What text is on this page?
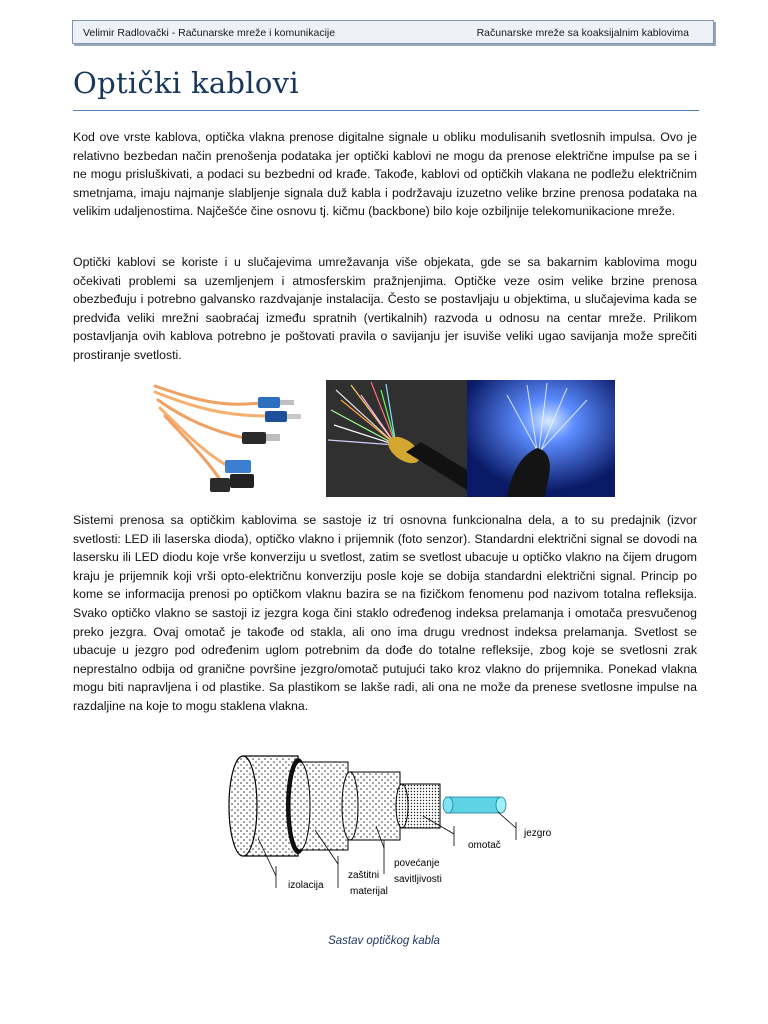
Velimir Radlovački - Računarske mreže i komunikacije	Računarske mreže sa koaksijalnim kablovima
Optički kablovi

Kod ove vrste kablova, optička vlakna prenose digitalne signale u obliku modulisanih svetlosnih impulsa. Ovo je relativno bezbedan način prenošenja podataka jer optički kablovi ne mogu da prenose električne impulse pa se i ne mogu prisluškivati, a podaci su bezbedni od krađe. Takođe, kablovi od optičkih vlakana ne podležu električnim smetnjama, imaju najmanje slabljenje signala duž kabla i podržavaju izuzetno velike brzine prenosa podataka na velikim udaljenostima. Najčešće čine osnovu tj. kičmu (backbone) bilo koje ozbiljnije telekomunikacione mreže.

Optički kablovi se koriste i u slučajevima umrežavanja više objekata, gde se sa bakarnim kablovima mogu očekivati problemi sa uzemljenjem i atmosferskim pražnjenjima. Optičke veze osim velike brzine prenosa obezbeđuju i potrebno galvansko razdvajanje instalacija. Često se postavljaju u objektima, u slučajevima kada se predviđa veliki mrežni saobraćaj između spratnih (vertikalnih) razvoda u odnosu na centar mreže. Prilikom postavljanja ovih kablova potrebno je poštovati pravila o savijanju jer isuviše veliki ugao savijanja može sprečiti prostiranje svetlosti.

Sistemi prenosa sa optičkim kablovima se sastoje iz tri osnovna funkcionalna dela, a to su predajnik (izvor svetlosti: LED ili laserska dioda), optičko vlakno i prijemnik (foto senzor). Standardni električni signal se dovodi na lasersku ili LED diodu koje vrše konverziju u svetlost, zatim se svetlost ubacuje u optičko vlakno na čijem drugom kraju je prijemnik koji vrši opto-električnu konverziju posle koje se dobija standardni električni signal. Princip po kome se informacija prenosi po optičkom vlaknu bazira se na fizičkom fenomenu pod nazivom totalna refleksija. Svako optičko vlakno se sastoji iz jezgra koga čini staklo određenog indeksa prelamanja i omotača presvučenog preko jezgra. Ovaj omotač je takođe od stakla, ali ono ima drugu vrednost indeksa prelamanja. Svetlost se ubacuje u jezgro pod određenim uglom potrebnim da dođe do totalne refleksije, zbog koje se svetlosni zrak neprestalno odbija od granične površine jezgro/omotač putujući tako kroz vlakno do prijemnika. Ponekad vlakna mogu biti napravljena i od plastike. Sa plastikom se lakše radi, ali ona ne može da prenese svetlosne impulse na razdaljine na koje to mogu staklena vlakna.

izolacija
zaštitni
materijal
povećanje
savitljivosti
omotač
jezgro
Sastav optičkog kabla
